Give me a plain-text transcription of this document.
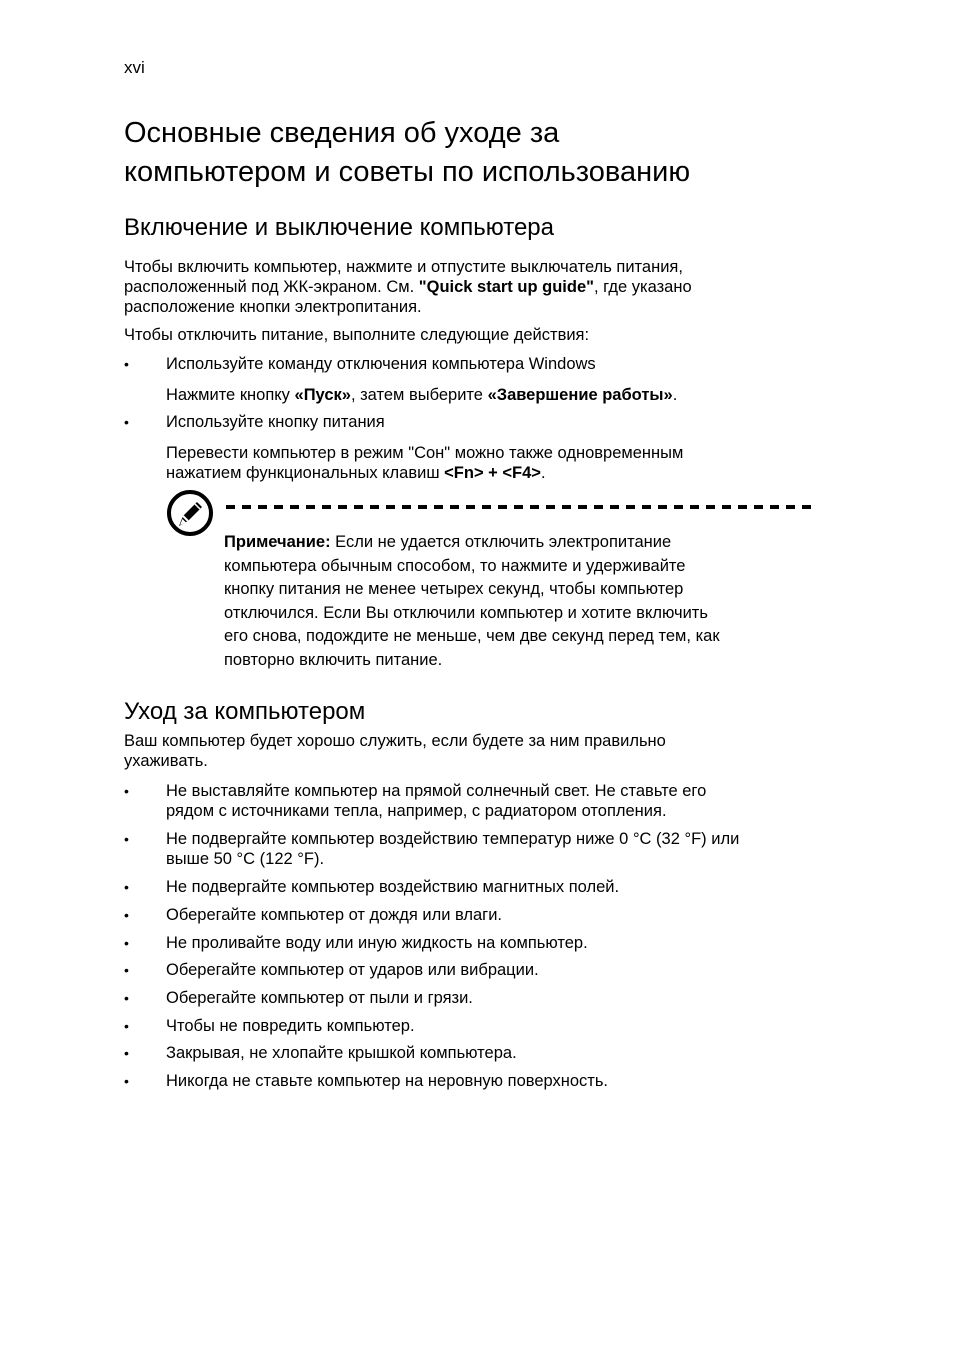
xvi
Основные сведения об уходе за
компьютером и советы по использованию
Включение и выключение компьютера

Чтобы включить компьютер, нажмите и отпустите выключатель питания,
расположенный под ЖК-экраном. См. "Quick start up guide", где указано
расположение кнопки электропитания.

Чтобы отключить питание, выполните следующие действия:

• Используйте команду отключения компьютера Windows

Нажмите кнопку «Пуск», затем выберите «Завершение работы».

• Используйте кнопку питания

Перевести компьютер в режим "Сон" можно также одновременным
нажатием функциональных клавиш <Fn> + <F4>.

Примечание: Если не удается отключить электропитание
компьютера обычным способом, то нажмите и удерживайте
кнопку питания не менее четырех секунд, чтобы компьютер
отключился. Если Вы отключили компьютер и хотите включить
его снова, подождите не меньше, чем две секунд перед тем, как
повторно включить питание.
Уход за компьютером

Ваш компьютер будет хорошо служить, если будете за ним правильно
ухаживать.

• Не выставляйте компьютер на прямой солнечный свет. Не ставьте его
рядом с источниками тепла, например, с радиатором отопления.

• Не подвергайте компьютер воздействию температур ниже 0 °C (32 °F) или
выше 50 °C (122 °F).

• Не подвергайте компьютер воздействию магнитных полей.

• Оберегайте компьютер от дождя или влаги.

• Не проливайте воду или иную жидкость на компьютер.

• Оберегайте компьютер от ударов или вибрации.

• Оберегайте компьютер от пыли и грязи.

• Чтобы не повредить компьютер.

• Закрывая, не хлопайте крышкой компьютера.

• Никогда не ставьте компьютер на неровную поверхность.
